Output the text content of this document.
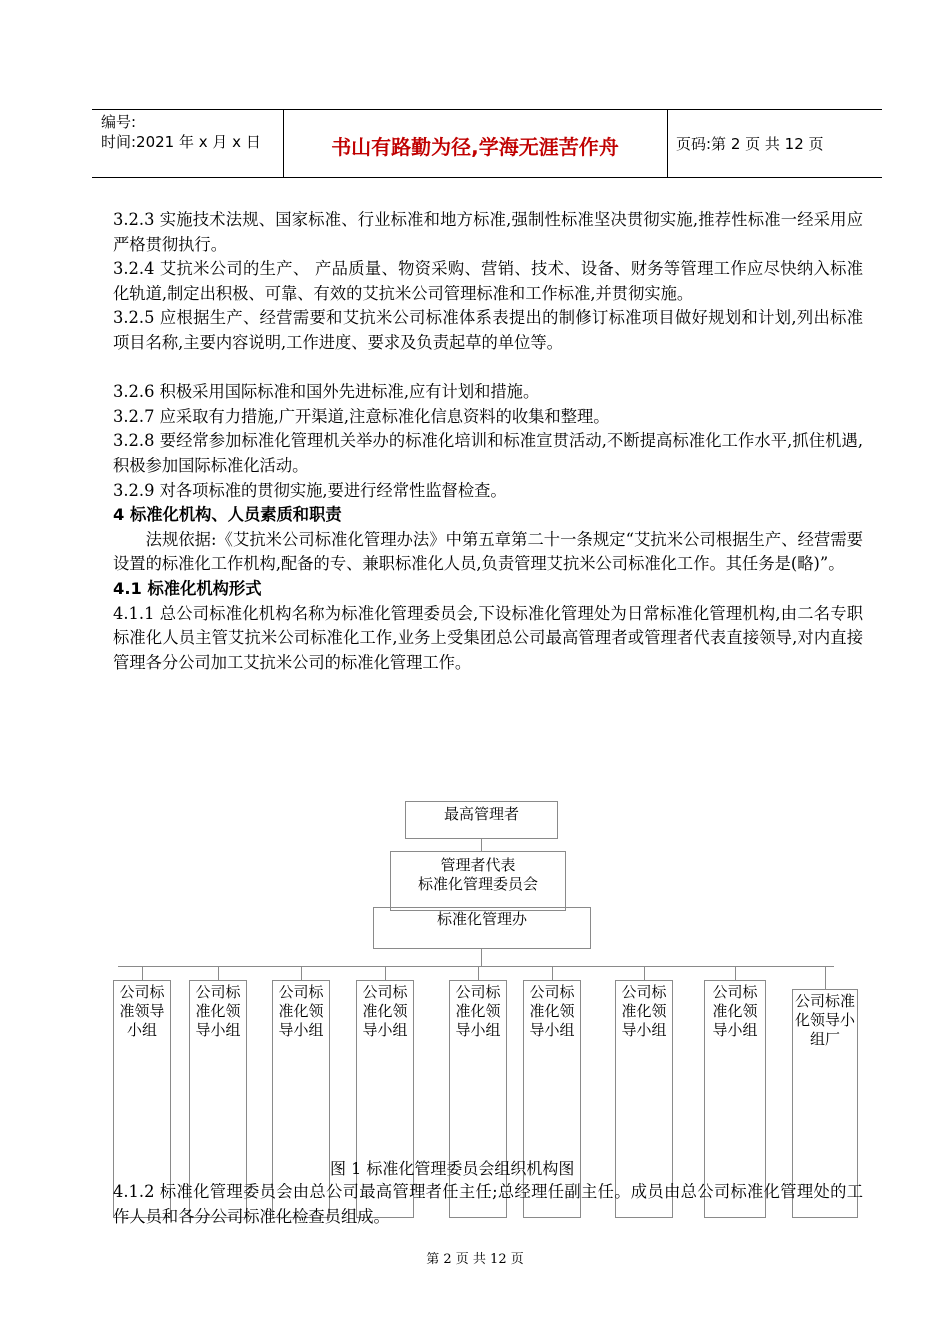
编号:
时间:2021 年 x 月 x 日	书山有路勤为径,学海无涯苦作舟	页码:第 2 页 共 12 页

3.2.3 实施技术法规、国家标准、行业标准和地方标准,强制性标准坚决贯彻实施,推荐性标准一经采用应严格贯彻执行。

3.2.4 艾抗米公司的生产、 产品质量、物资采购、营销、技术、设备、财务等管理工作应尽快纳入标准化轨道,制定出积极、可靠、有效的艾抗米公司管理标准和工作标准,并贯彻实施。

3.2.5 应根据生产、经营需要和艾抗米公司标准体系表提出的制修订标准项目做好规划和计划,列出标准项目名称,主要内容说明,工作进度、要求及负责起草的单位等。

3.2.6 积极采用国际标准和国外先进标准,应有计划和措施。

3.2.7 应采取有力措施,广开渠道,注意标准化信息资料的收集和整理。

3.2.8 要经常参加标准化管理机关举办的标准化培训和标准宣贯活动,不断提高标准化工作水平,抓住机遇,积极参加国际标准化活动。

3.2.9 对各项标准的贯彻实施,要进行经常性监督检查。

4 标准化机构、人员素质和职责

法规依据:《艾抗米公司标准化管理办法》中第五章第二十一条规定“艾抗米公司根据生产、经营需要设置的标准化工作机构,配备的专、兼职标准化人员,负责管理艾抗米公司标准化工作。其任务是(略)”。

4.1 标准化机构形式

4.1.1 总公司标准化机构名称为标准化管理委员会,下设标准化管理处为日常标准化管理机构,由二名专职标准化人员主管艾抗米公司标准化工作,业务上受集团总公司最高管理者或管理者代表直接领导,对内直接管理各分公司加工艾抗米公司的标准化管理工作。

最高管理者
管理者代表
标准化管理委员会
标准化管理办
公司标准领导小组
公司标准化领导小组
公司标准化领导小组
公司标准化领导小组
公司标准化领导小组
公司标准化领导小组
公司标准化领导小组
公司标准化领导小组
公司标准化领导小组厂
图 1 标准化管理委员会组织机构图

4.1.2 标准化管理委员会由总公司最高管理者任主任;总经理任副主任。成员由总公司标准化管理处的工作人员和各分公司标准化检查员组成。

第 2 页 共 12 页
